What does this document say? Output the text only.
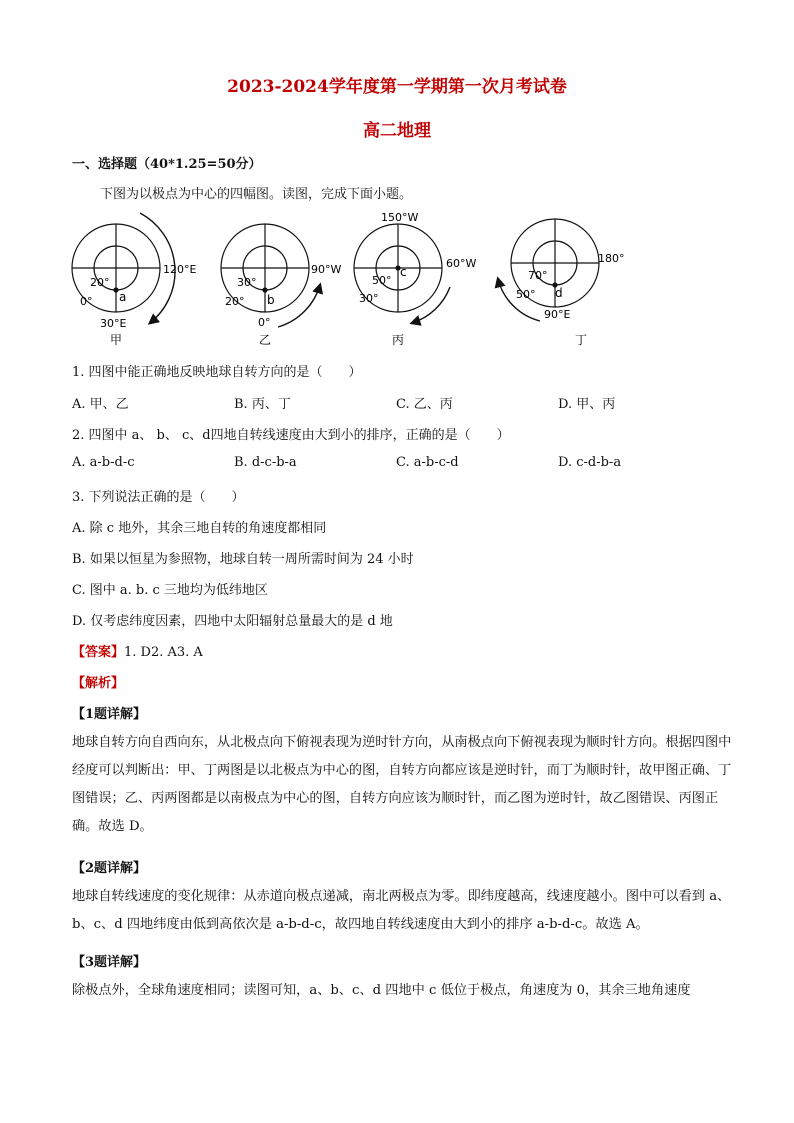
2023-2024学年度第一学期第一次月考试卷
高二地理
一、选择题（40*1.25=50分）
下图为以极点为中心的四幅图。读图，完成下面小题。
20°
a
0°
120°E
30°E
甲
30°
20° b
90°W
0°
乙
150°W
c
50°
30°
60°W
丙
180°
70°
50° d
90°E
丁
1. 四图中能正确地反映地球自转方向的是（　　）
A. 甲、乙	B. 丙、丁	C. 乙、丙	D. 甲、丙
2. 四图中 a、 b、 c、d四地自转线速度由大到小的排序，正确的是（　　）
A. a-b-d-c	B. d-c-b-a	C. a-b-c-d	D. c-d-b-a
3. 下列说法正确的是（　　）
A. 除 c 地外，其余三地自转的角速度都相同
B. 如果以恒星为参照物，地球自转一周所需时间为 24 小时
C. 图中 a. b. c 三地均为低纬地区
D. 仅考虑纬度因素，四地中太阳辐射总量最大的是 d 地
【答案】1. D2. A3. A
【解析】
【1题详解】
地球自转方向自西向东，从北极点向下俯视表现为逆时针方向，从南极点向下俯视表现为顺时针方向。根据四图中经度可以判断出：甲、丁两图是以北极点为中心的图，自转方向都应该是逆时针，而丁为顺时针，故甲图正确、丁图错误；乙、丙两图都是以南极点为中心的图，自转方向应该为顺时针，而乙图为逆时针，故乙图错误、丙图正确。故选 D。
【2题详解】
地球自转线速度的变化规律：从赤道向极点递减，南北两极点为零。即纬度越高，线速度越小。图中可以看到 a、b、c、d 四地纬度由低到高依次是 a-b-d-c，故四地自转线速度由大到小的排序 a-b-d-c。故选 A。
【3题详解】
除极点外，全球角速度相同；读图可知，a、b、c、d 四地中 c 低位于极点，角速度为 0，其余三地角速度
